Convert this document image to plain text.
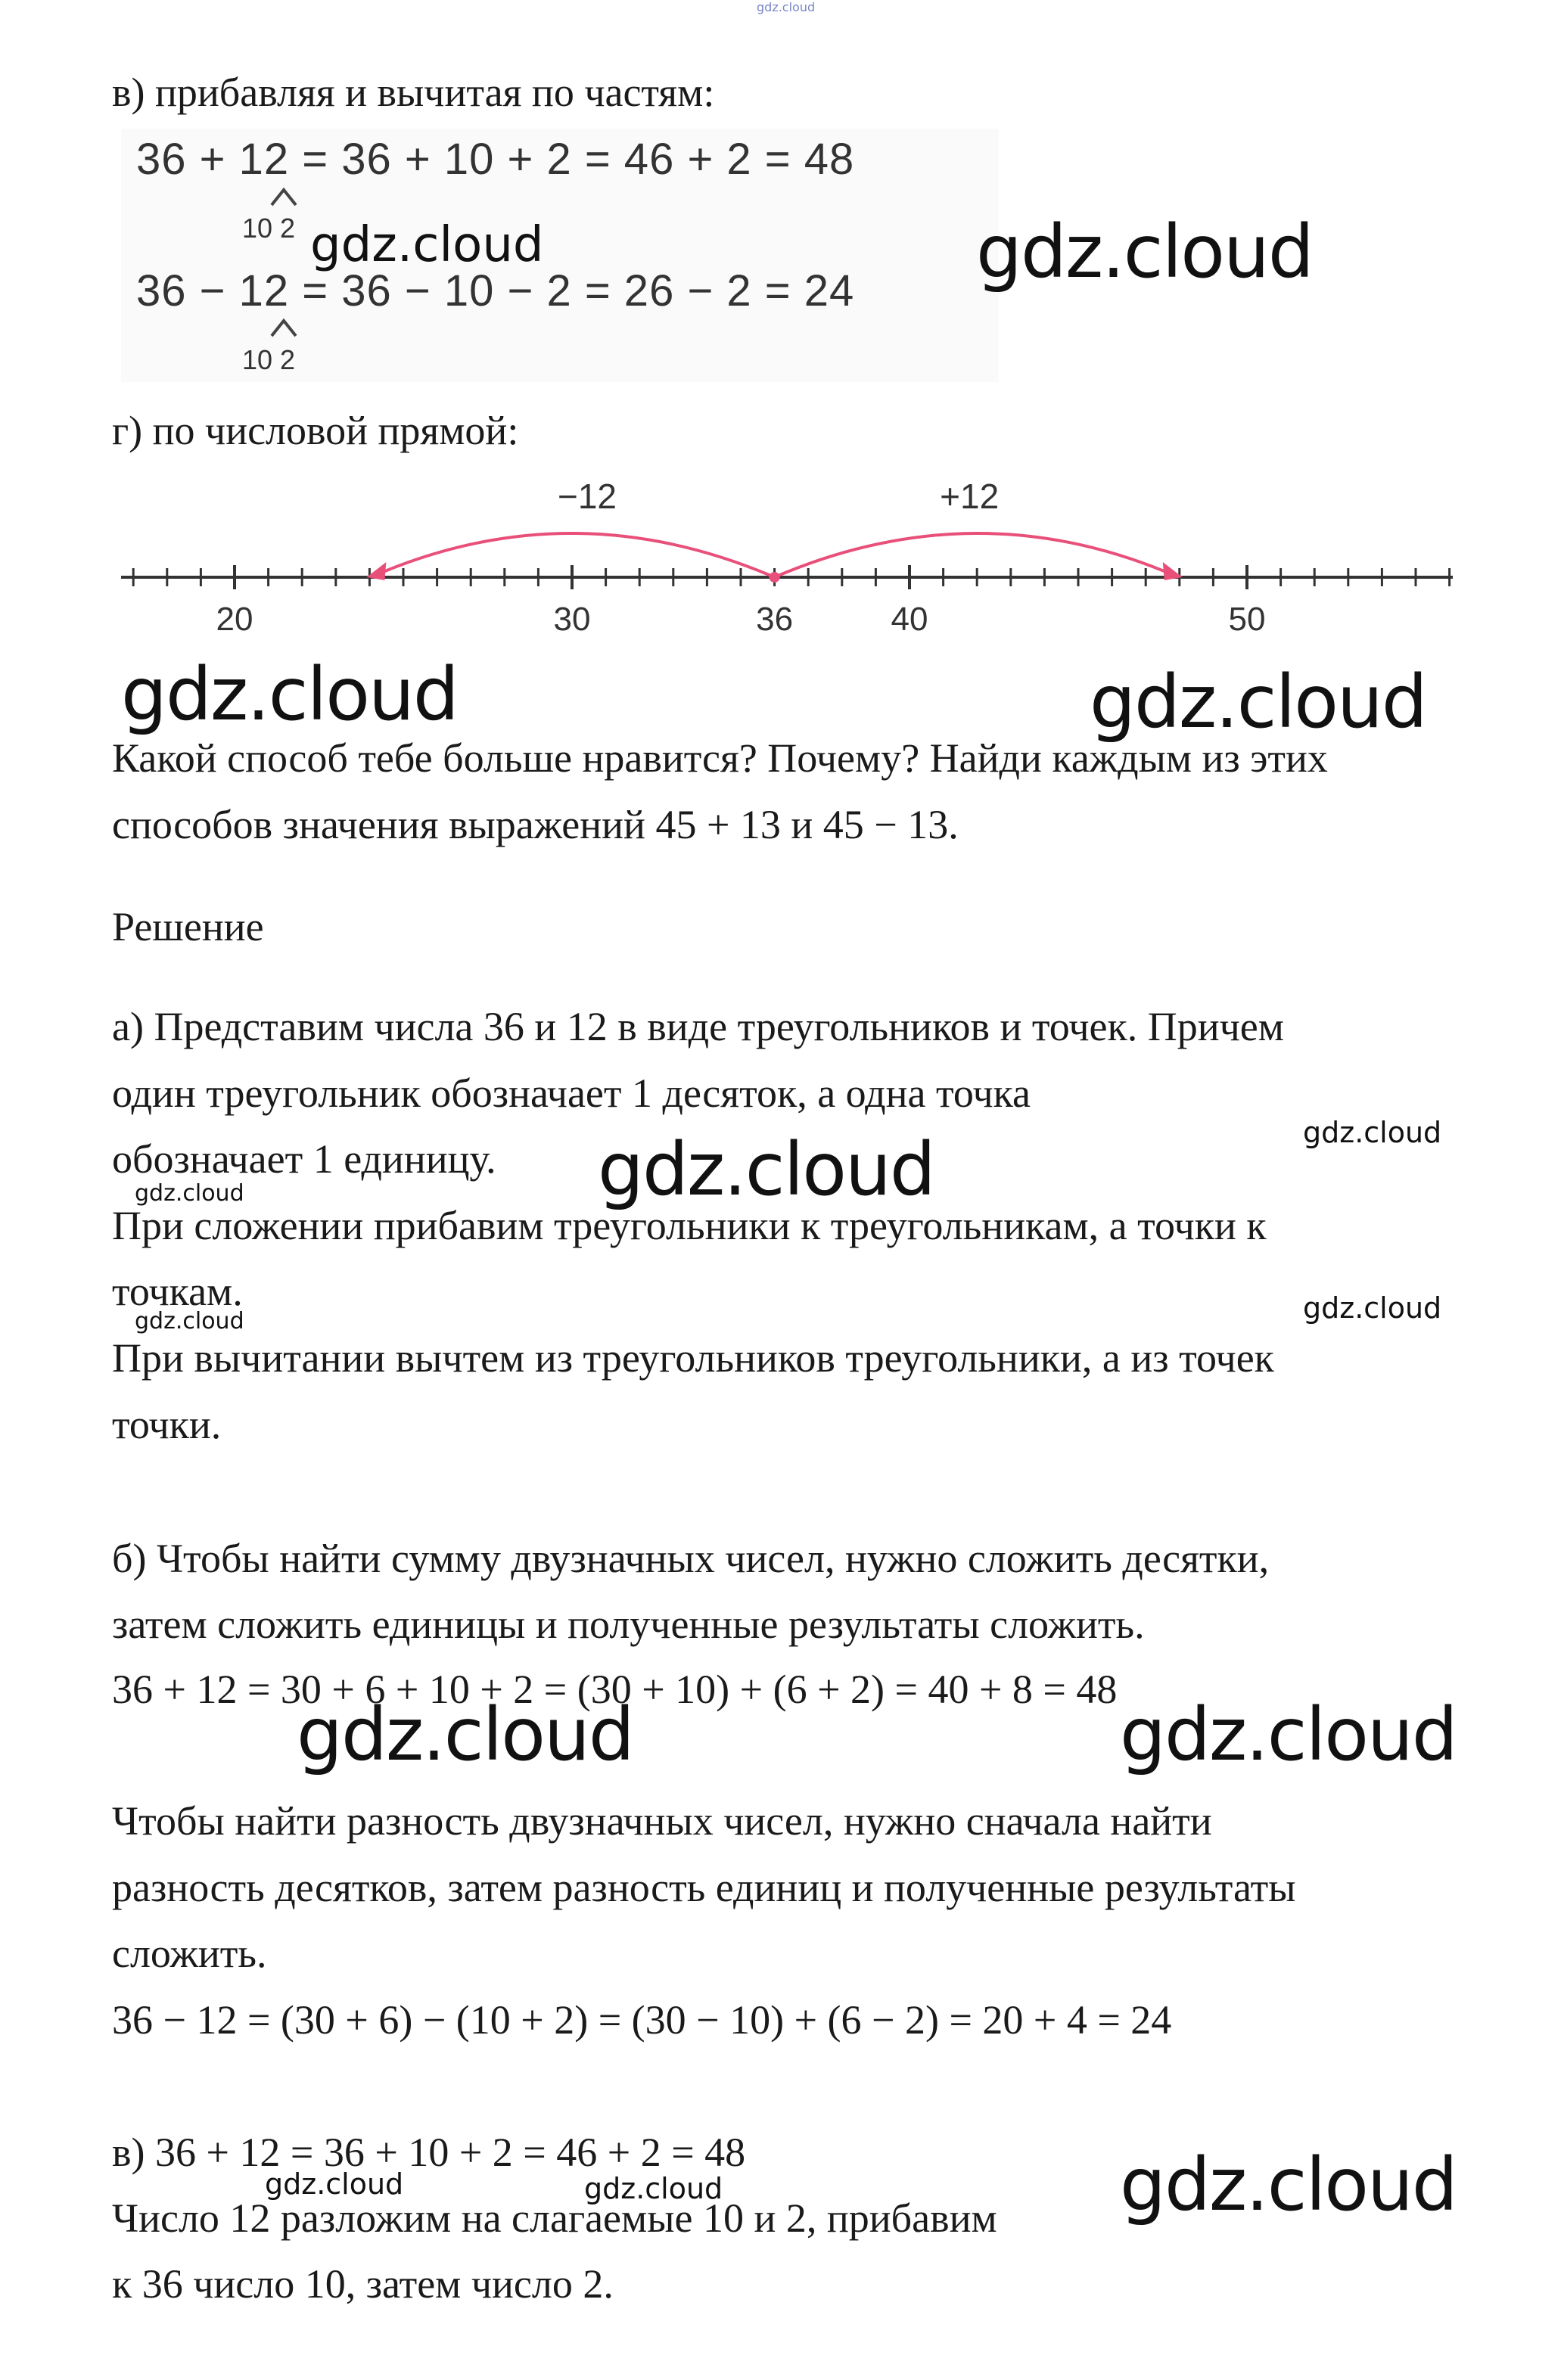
gdz.cloud
в) прибавляя и вычитая по частям:
36 + 12 = 36 + 10 + 2 = 46 + 2 = 48
10 2
36 − 12 = 36 − 10 − 2 = 26 − 2 = 24
10 2
г) по числовой прямой:
20	30	36	40	50
−12	+12
Какой способ тебе больше нравится? Почему? Найди каждым из этих
способов значения выражений 45 + 13 и 45 − 13.
Решение
а) Представим числа 36 и 12 в виде треугольников и точек. Причем
один треугольник обозначает 1 десяток, а одна точка
обозначает 1 единицу.
При сложении прибавим треугольники к треугольникам, а точки к
точкам.
При вычитании вычтем из треугольников треугольники, а из точек
точки.
б) Чтобы найти сумму двузначных чисел, нужно сложить десятки,
затем сложить единицы и полученные результаты сложить.
36 + 12 = 30 + 6 + 10 + 2 = (30 + 10) + (6 + 2) = 40 + 8 = 48
Чтобы найти разность двузначных чисел, нужно сначала найти
разность десятков, затем разность единиц и полученные результаты
сложить.
36 − 12 = (30 + 6) − (10 + 2) = (30 − 10) + (6 − 2) = 20 + 4 = 24
в) 36 + 12 = 36 + 10 + 2 = 46 + 2 = 48
Число 12 разложим на слагаемые 10 и 2, прибавим
к 36 число 10, затем число 2.
gdz.cloud	gdz.cloud
gdz.cloud	gdz.cloud
gdz.cloud
gdz.cloud
gdz.cloud
gdz.cloud	gdz.cloud
gdz.cloud	gdz.cloud
gdz.cloud	gdz.cloud	gdz.cloud
